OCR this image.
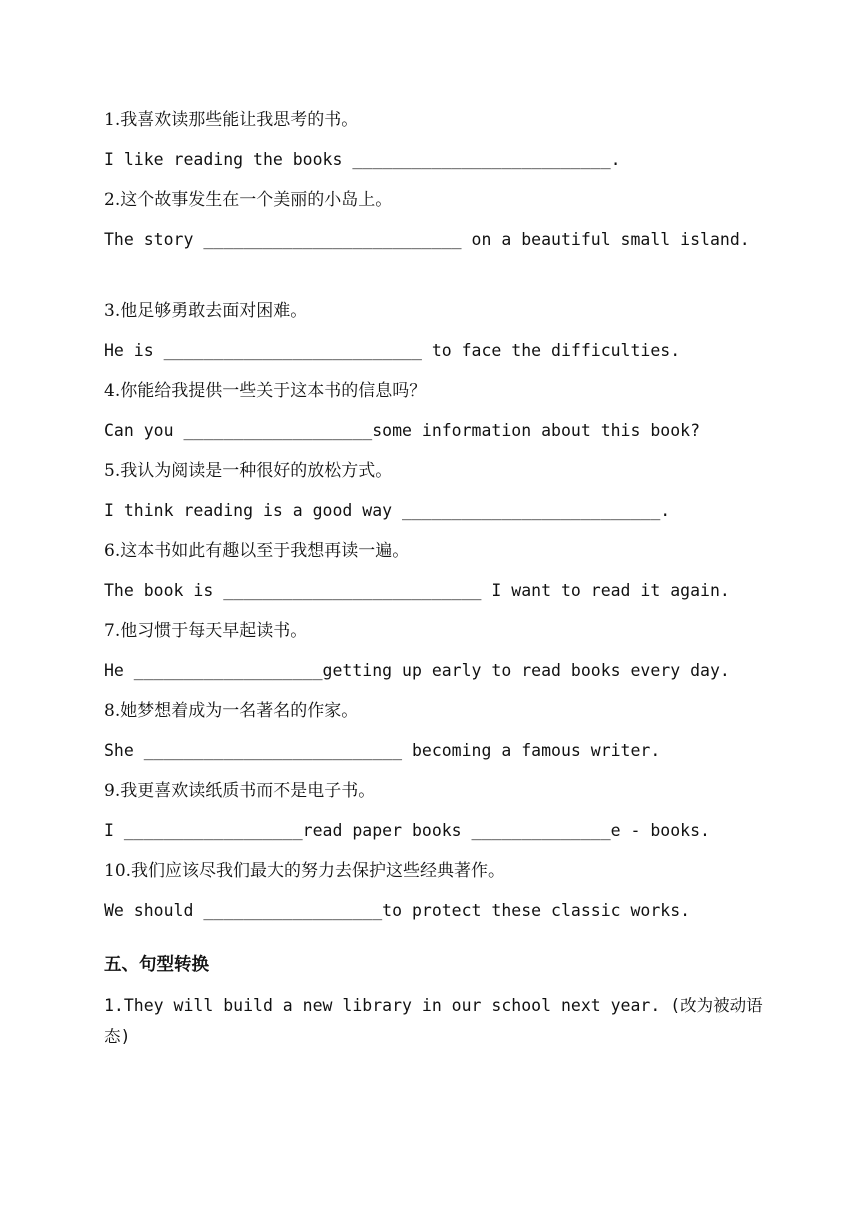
1.我喜欢读那些能让我思考的书。
I like reading the books __________________________.
2.这个故事发生在一个美丽的小岛上。
The story __________________________ on a beautiful small island.
3.他足够勇敢去面对困难。
He is __________________________ to face the difficulties.
4.你能给我提供一些关于这本书的信息吗？
Can you ___________________some information about this book?
5.我认为阅读是一种很好的放松方式。
I think reading is a good way __________________________.
6.这本书如此有趣以至于我想再读一遍。
The book is __________________________ I want to read it again.
7.他习惯于每天早起读书。
He ___________________getting up early to read books every day.
8.她梦想着成为一名著名的作家。
She __________________________ becoming a famous writer.
9.我更喜欢读纸质书而不是电子书。
I __________________read paper books ______________e - books.
10.我们应该尽我们最大的努力去保护这些经典著作。
We should __________________to protect these classic works.
五、句型转换
1.They will build a new library in our school next year. (改为被动语态)
